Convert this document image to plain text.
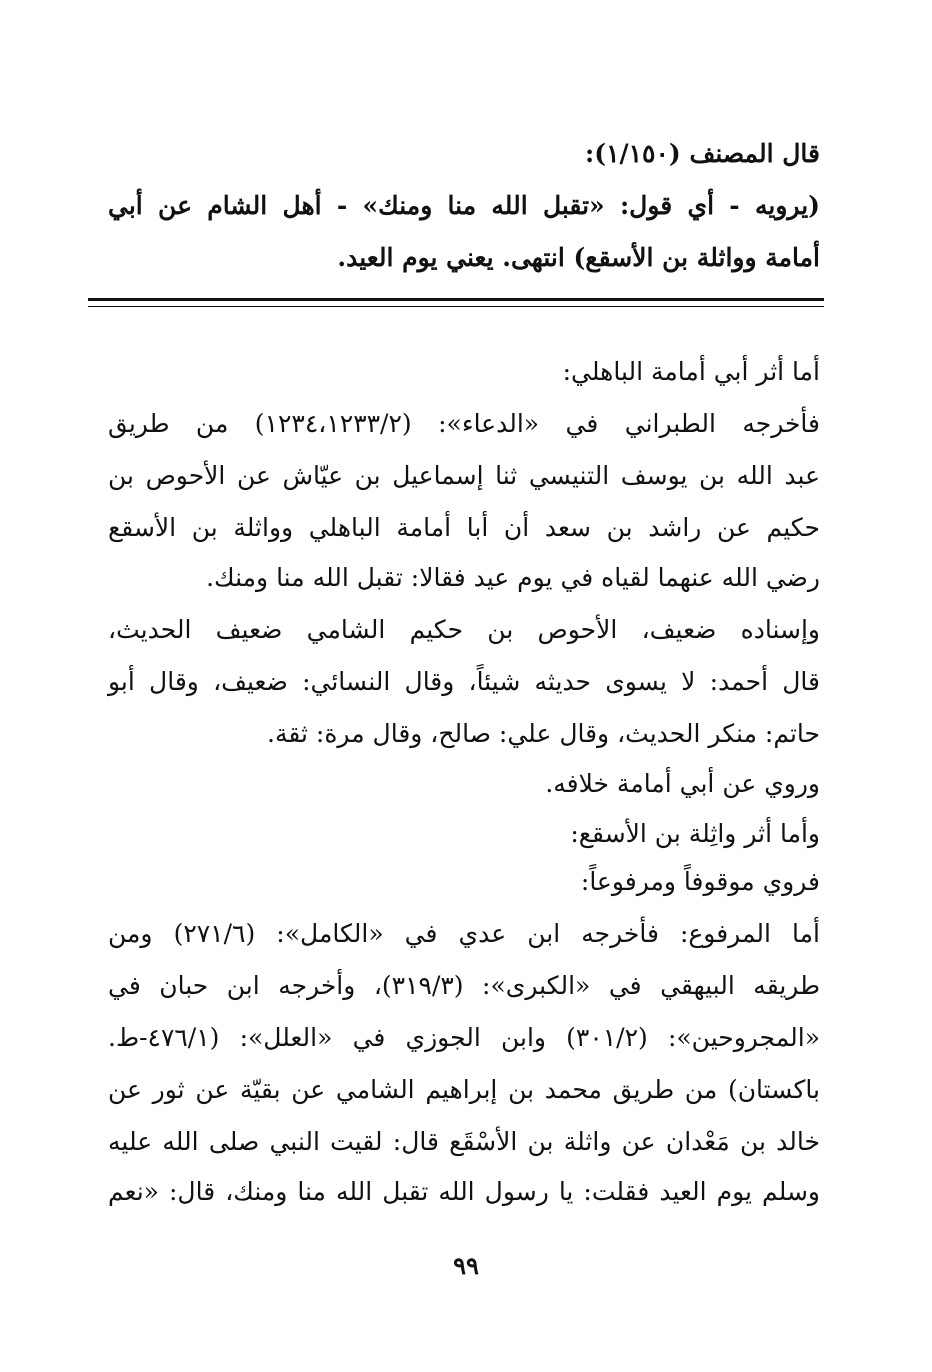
قال المصنف (١/١٥٠):
(يرويه - أي قول: «تقبل الله منا ومنك» - أهل الشام عن أبي
أمامة وواثلة بن الأسقع) انتهى. يعني يوم العيد.
أما أثر أبي أمامة الباهلي:
فأخرجه الطبراني في «الدعاء»: (١٢٣٤،١٢٣٣/٢) من طريق
عبد الله بن يوسف التنيسي ثنا إسماعيل بن عيّاش عن الأحوص بن
حكيم عن راشد بن سعد أن أبا أمامة الباهلي وواثلة بن الأسقع
رضي الله عنهما لقياه في يوم عيد فقالا: تقبل الله منا ومنك.
وإسناده ضعيف، الأحوص بن حكيم الشامي ضعيف الحديث،
قال أحمد: لا يسوى حديثه شيئاً، وقال النسائي: ضعيف، وقال أبو
حاتم: منكر الحديث، وقال علي: صالح، وقال مرة: ثقة.
وروي عن أبي أمامة خلافه.
وأما أثر واثِلة بن الأسقع:
فروي موقوفاً ومرفوعاً:
أما المرفوع: فأخرجه ابن عدي في «الكامل»: (٢٧١/٦) ومن
طريقه البيهقي في «الكبرى»: (٣١٩/٣)، وأخرجه ابن حبان في
«المجروحين»: (٣٠١/٢) وابن الجوزي في «العلل»: (٤٧٦/١-ط.
باكستان) من طريق محمد بن إبراهيم الشامي عن بقيّة عن ثور عن
خالد بن مَعْدان عن واثلة بن الأسْقَع قال: لقيت النبي صلى الله عليه
وسلم يوم العيد فقلت: يا رسول الله تقبل الله منا ومنك، قال: «نعم
٩٩
